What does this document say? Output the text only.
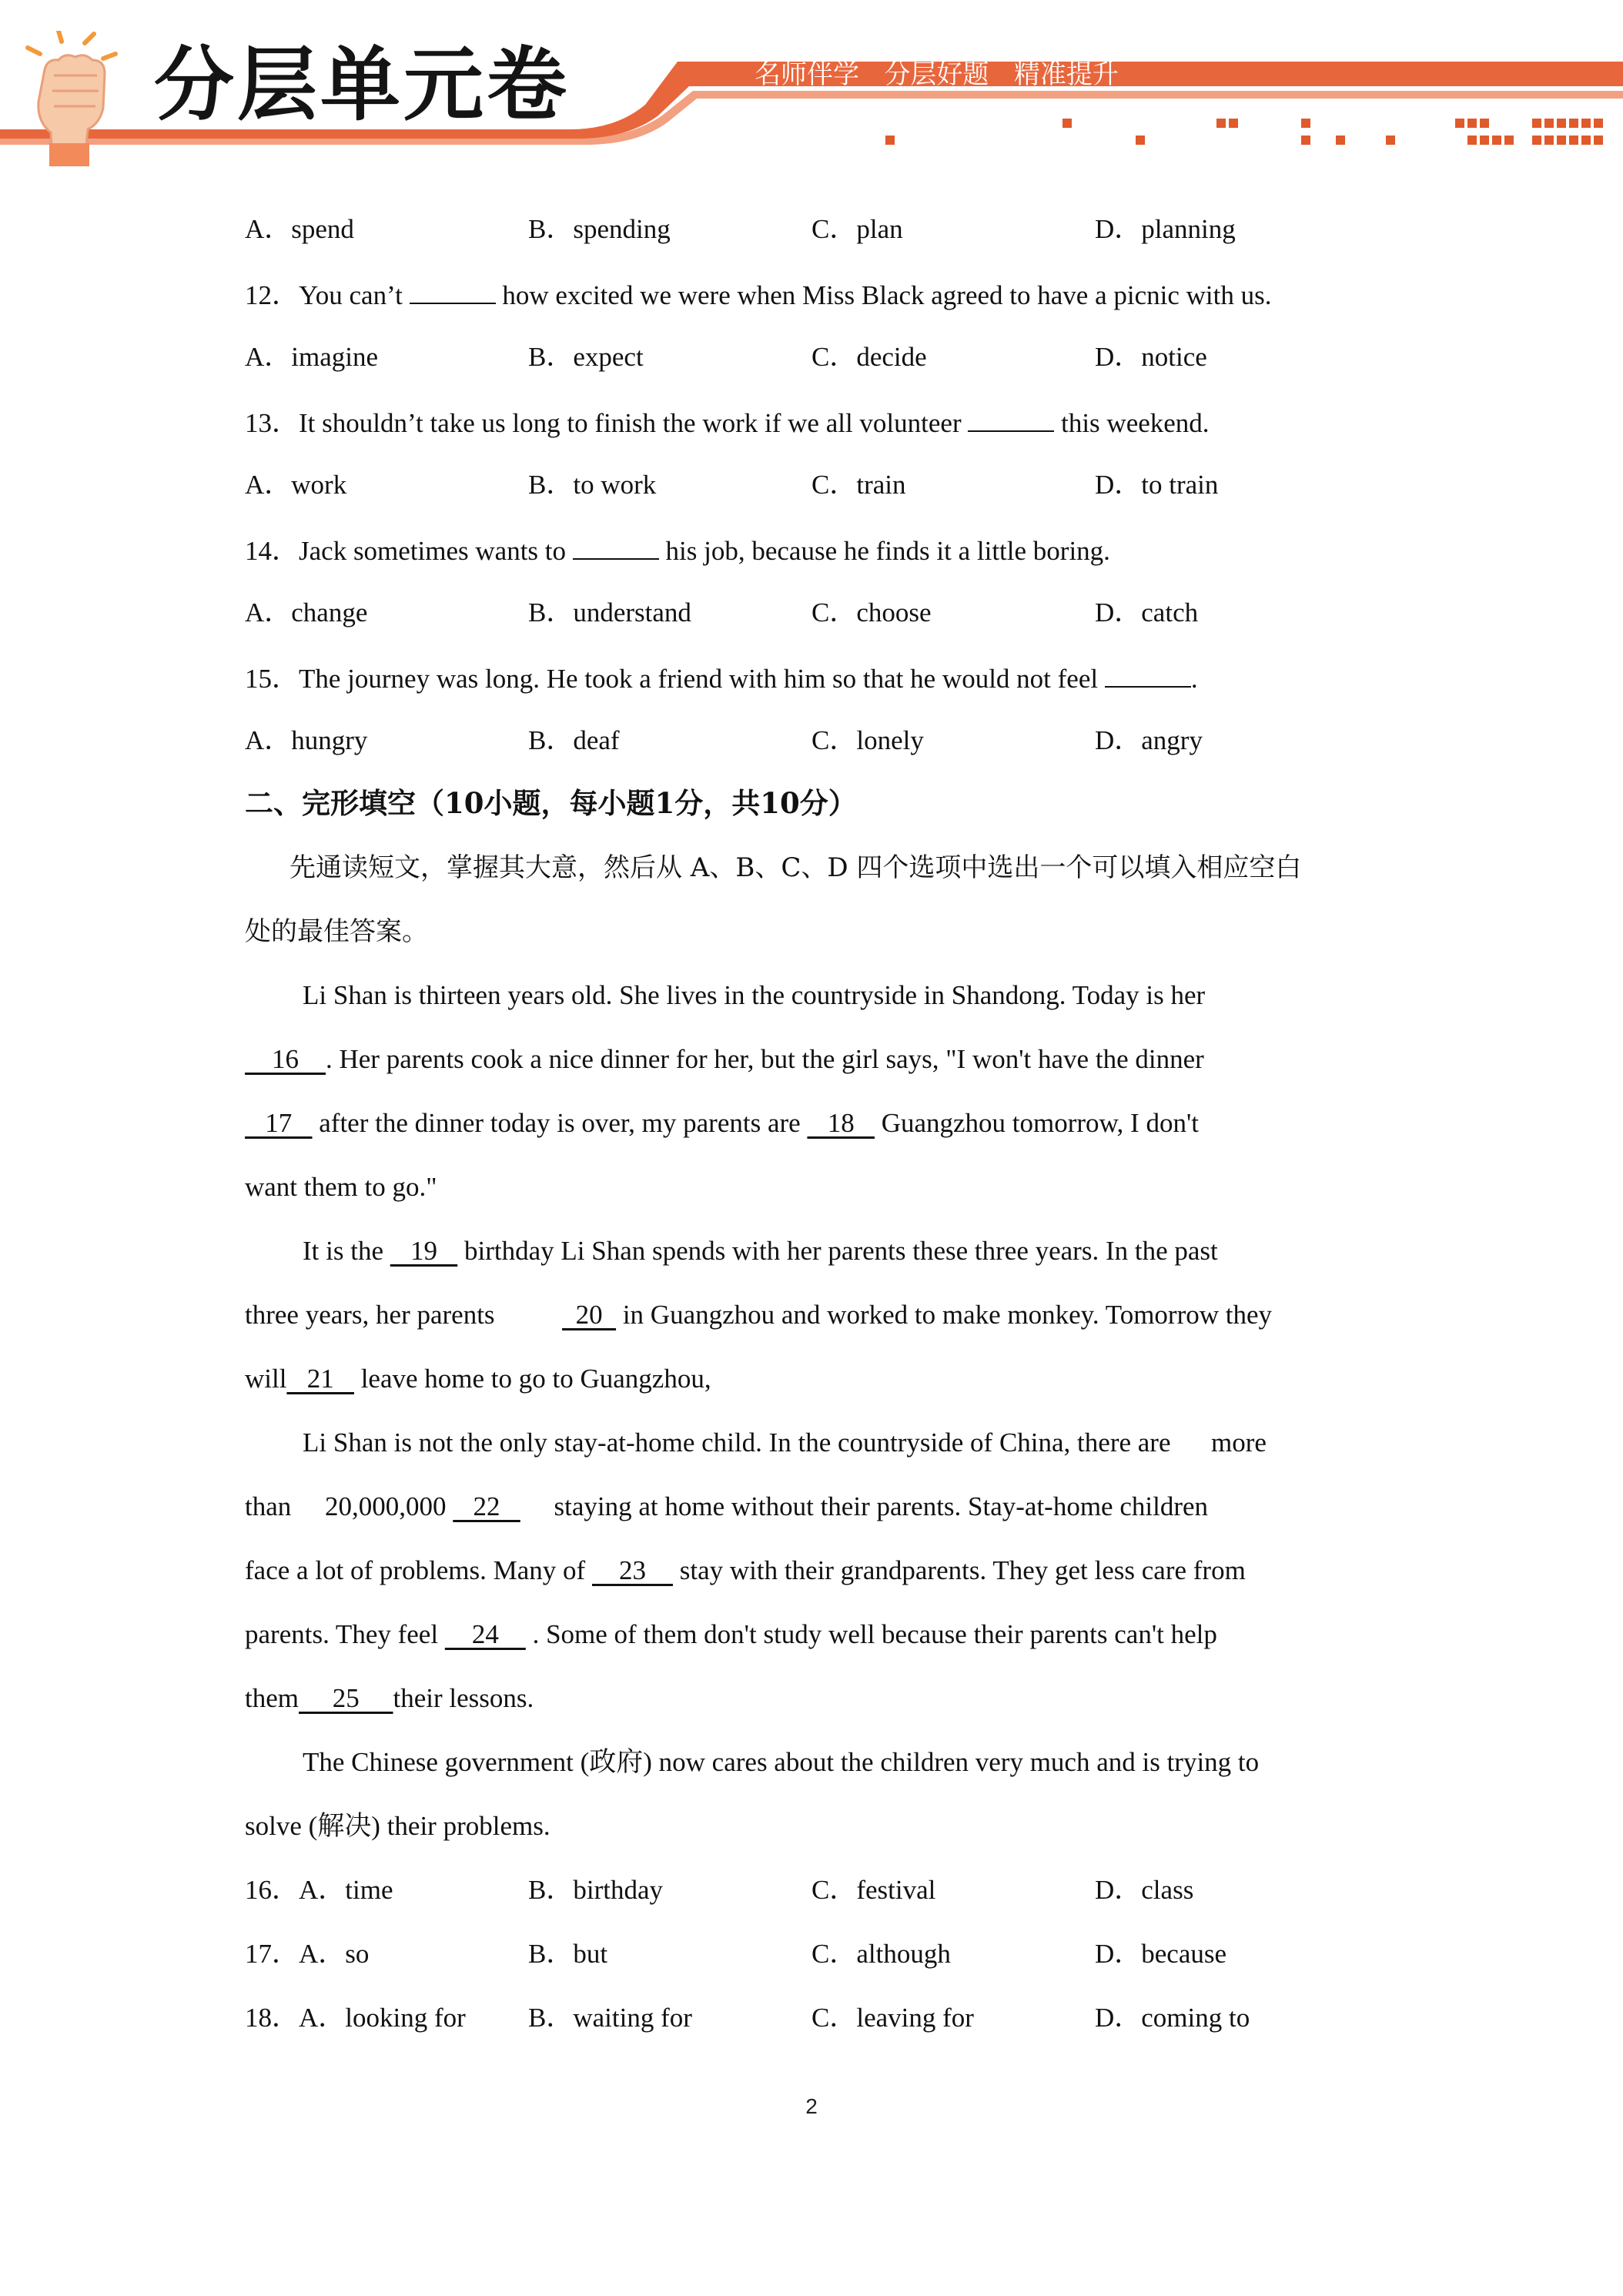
分层单元卷	名师伴学   分层好题   精准提升
A．spend	B．spending	C．plan	D．planning
12．You can’t	how excited we were when Miss Black agreed to have a picnic with us.
A．imagine	B．expect	C．decide	D．notice
13．It shouldn’t take us long to finish the work if we all volunteer	this weekend.
A．work	B．to work	C．train	D．to train
14．Jack sometimes wants to	his job, because he finds it a little boring.
A．change	B．understand	C．choose	D．catch
15．The journey was long. He took a friend with him so that he would not feel	.
A．hungry	B．deaf	C．lonely	D．angry
二、完形填空（10小题，每小题1分，共10分）
先通读短文，掌握其大意，然后从 A、B、C、D 四个选项中选出一个可以填入相应空白
处的最佳答案。
Li Shan is thirteen years old. She lives in the countryside in Shandong. Today is her
16    . Her parents cook a nice dinner for her, but the girl says, "I won't have the dinner
17    after the dinner today is over, my parents are    18    Guangzhou tomorrow, I don't
want them to go."
It is the    19    birthday Li Shan spends with her parents these three years. In the past
three years, her parents            20   in Guangzhou and worked to make monkey. Tomorrow they
will   21    leave home to go to Guangzhou,
Li Shan is not the only stay-at-home child. In the countryside of China, there are      more
than     20,000,000    22        staying at home without their parents. Stay-at-home children
face a lot of problems. Many of     23     stay with their grandparents. They get less care from
parents. They feel     24     . Some of them don't study well because their parents can't help
them     25     their lessons.
The Chinese government (政府) now cares about the children very much and is trying to
solve (解决) their problems.
16．A．time	B．birthday	C．festival	D．class
17．A．so	B．but	C．although	D．because
18．A．looking for B．waiting for	C．leaving for	D．coming to
2
